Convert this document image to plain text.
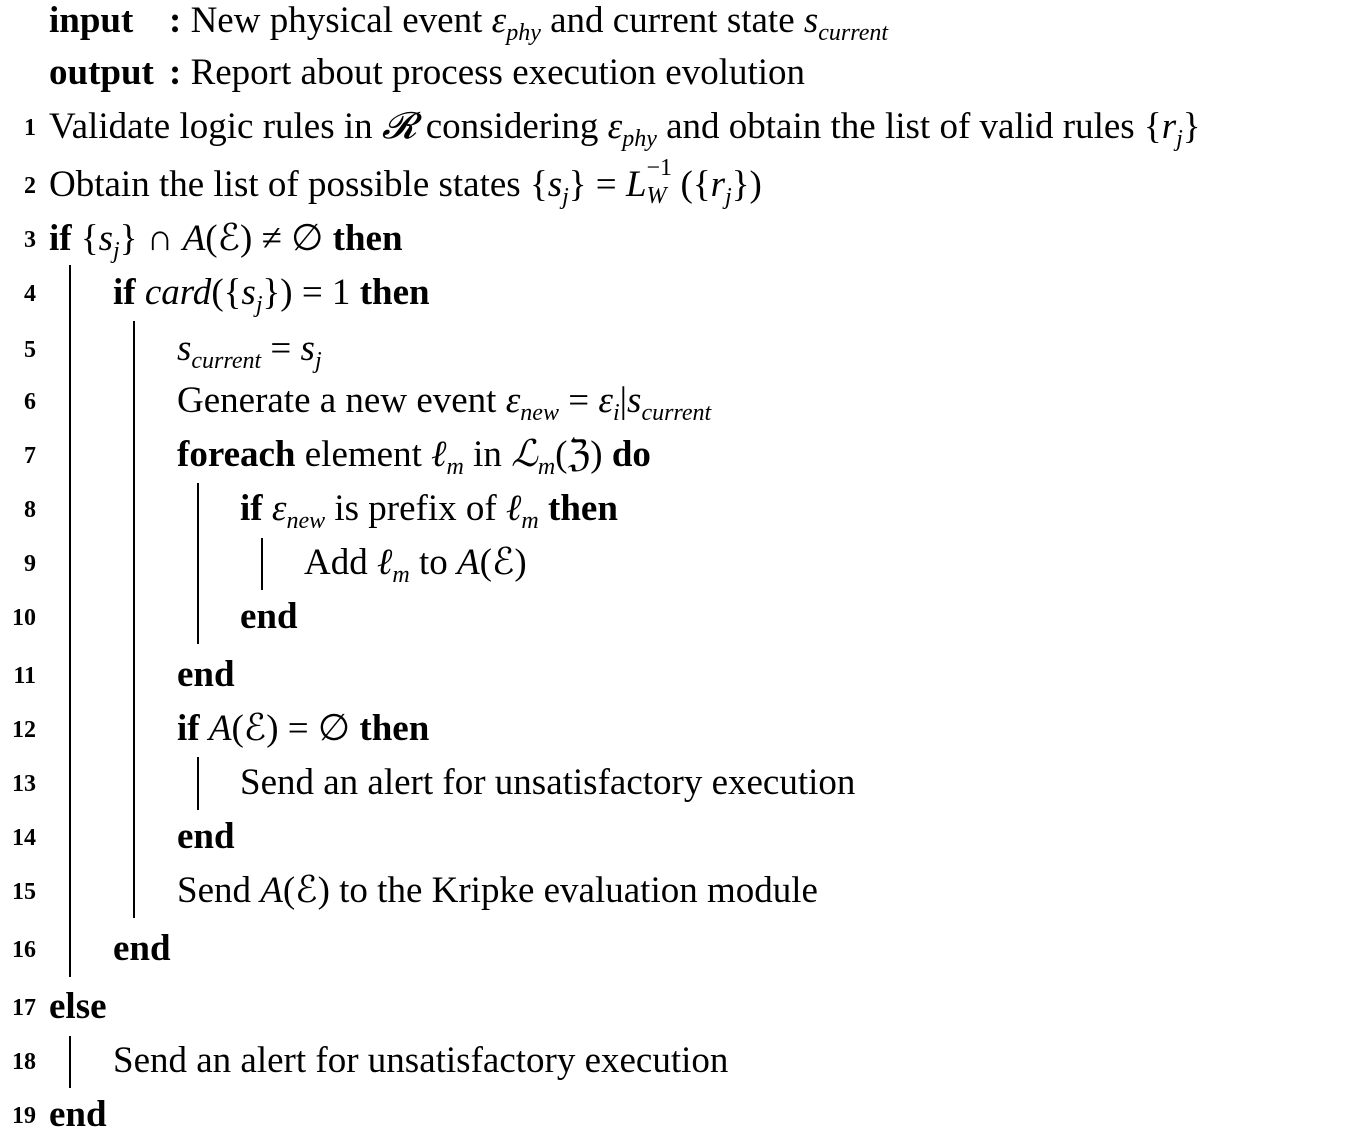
input : New physical event $\varepsilon_{phy}$ and current state $s_{current}$
output : Report about process execution evolution
1 Validate logic rules in 𝓡 considering $\varepsilon_{phy}$ and obtain the list of valid rules $\{r_j\}$
2 Obtain the list of possible states $\{s_j\} = L -1$
W $(\{r_j\})$
3 if $\{s_j\}$ ∩ A(ℰ) ≠ ∅ then
4 if $card(\{s_j\}) = 1$ then
5	$s_{current} = s_j$
6	Generate a new event $\varepsilon_{new} = \varepsilon_i|s_{current}$
7	foreach element ℓ$_m$ in ℒ$_m$(ℨ) do
8	if $\varepsilon_{new}$ is prefix of ℓ$_m$ then
9	Add ℓ$_m$ to A(ℰ)
10	end
11	end
12	if A(ℰ) = ∅ then
13	Send an alert for unsatisfactory execution
14	end
15	Send A(ℰ) to the Kripke evaluation module
16 end
17 else
18 Send an alert for unsatisfactory execution
19 end
